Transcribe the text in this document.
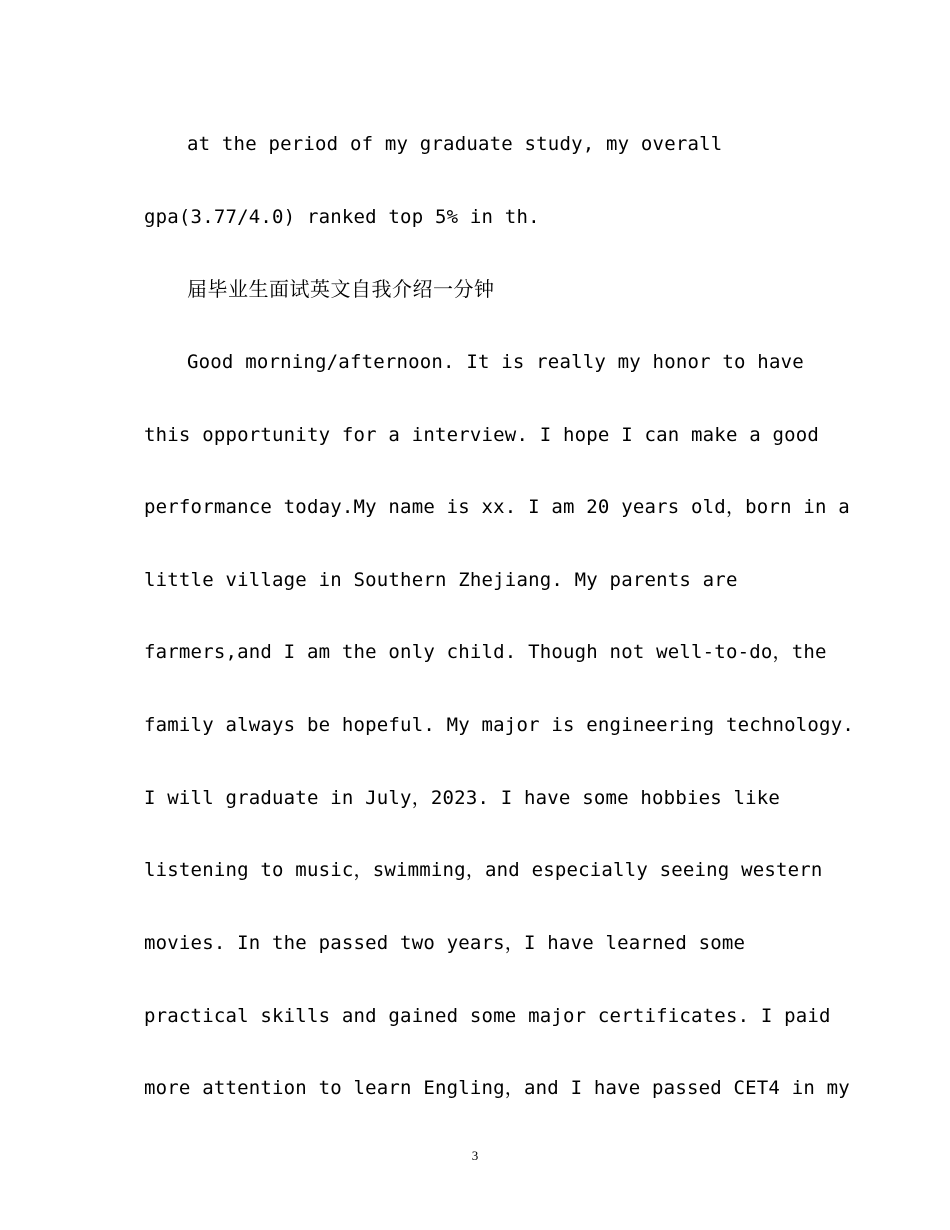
at the period of my graduate study, my overall
gpa(3.77/4.0) ranked top 5% in th.
届毕业生面试英文自我介绍一分钟
Good morning/afternoon. It is really my honor to have
this opportunity for a interview. I hope I can make a good
performance today.My name is xx. I am 20 years old，born in a
little village in Southern Zhejiang. My parents are
farmers,and I am the only child. Though not well-to-do，the
family always be hopeful. My major is engineering technology.
I will graduate in July，2023. I have some hobbies like
listening to music，swimming，and especially seeing western
movies. In the passed two years，I have learned some
practical skills and gained some major certificates. I paid
more attention to learn Engling，and I have passed CET4 in my
3
